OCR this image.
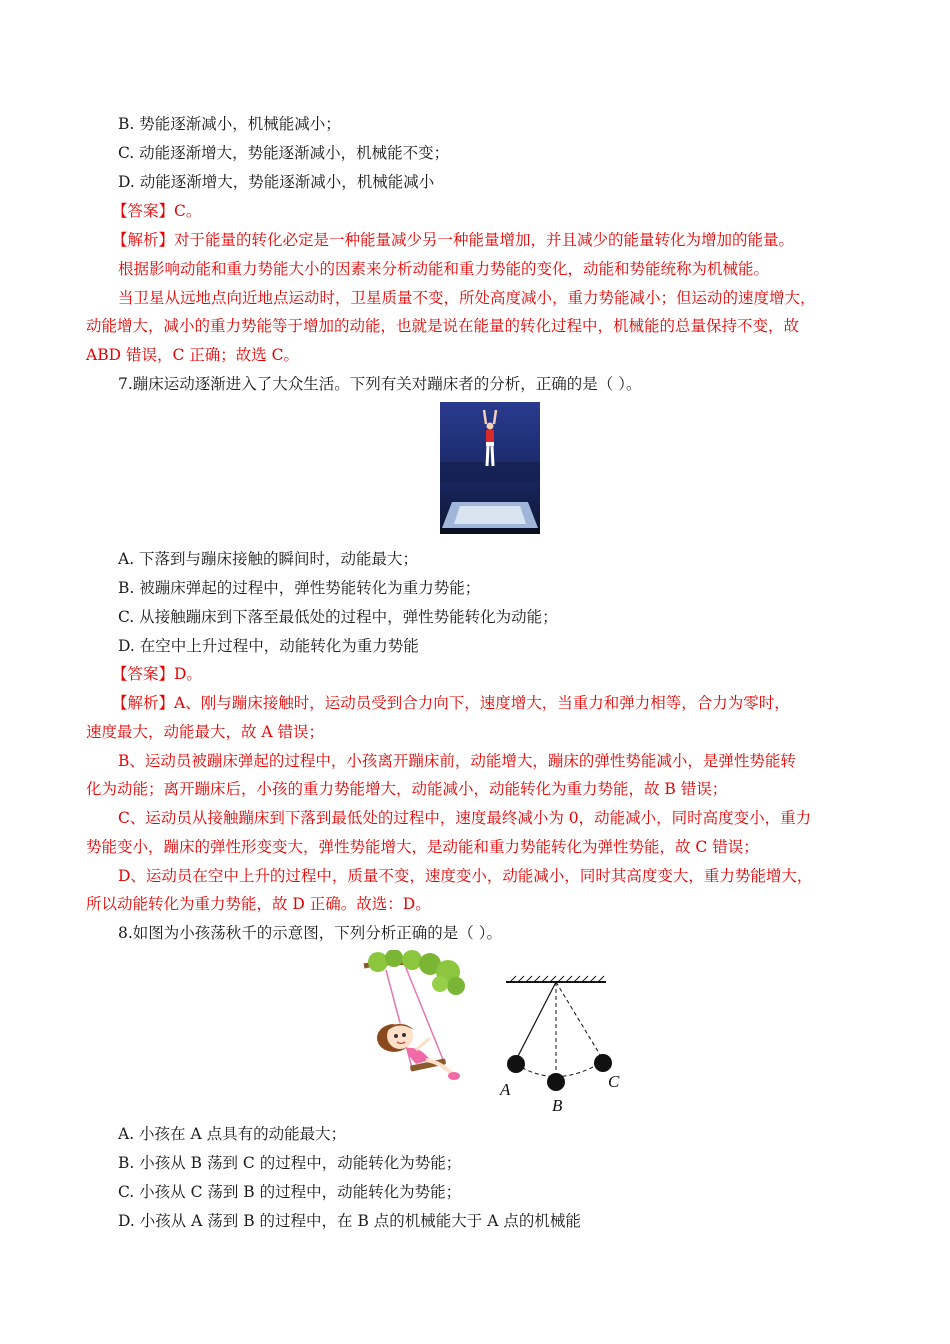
B. 势能逐渐减小，机械能减小；
C. 动能逐渐增大，势能逐渐减小，机械能不变；
D. 动能逐渐增大，势能逐渐减小，机械能减小
【答案】C。
【解析】对于能量的转化必定是一种能量减少另一种能量增加，并且减少的能量转化为增加的能量。
根据影响动能和重力势能大小的因素来分析动能和重力势能的变化，动能和势能统称为机械能。
当卫星从远地点向近地点运动时，卫星质量不变，所处高度减小，重力势能减小；但运动的速度增大，
动能增大，减小的重力势能等于增加的动能，也就是说在能量的转化过程中，机械能的总量保持不变，故
ABD 错误，C 正确；故选 C。
7.蹦床运动逐渐进入了大众生活。下列有关对蹦床者的分析，正确的是（ ）。
A. 下落到与蹦床接触的瞬间时，动能最大；
B. 被蹦床弹起的过程中，弹性势能转化为重力势能；
C. 从接触蹦床到下落至最低处的过程中，弹性势能转化为动能；
D. 在空中上升过程中，动能转化为重力势能
【答案】D。
【解析】A、刚与蹦床接触时，运动员受到合力向下，速度增大，当重力和弹力相等，合力为零时，
速度最大，动能最大，故 A 错误；
B、运动员被蹦床弹起的过程中，小孩离开蹦床前，动能增大，蹦床的弹性势能减小，是弹性势能转
化为动能；离开蹦床后，小孩的重力势能增大，动能减小，动能转化为重力势能，故 B 错误；
C、运动员从接触蹦床到下落到最低处的过程中，速度最终减小为 0，动能减小，同时高度变小，重力
势能变小，蹦床的弹性形变变大，弹性势能增大，是动能和重力势能转化为弹性势能，故 C 错误；
D、运动员在空中上升的过程中，质量不变，速度变小，动能减小，同时其高度变大，重力势能增大，
所以动能转化为重力势能，故 D 正确。故选：D。
8.如图为小孩荡秋千的示意图，下列分析正确的是（ ）。
A
B
C
A. 小孩在 A 点具有的动能最大；
B. 小孩从 B 荡到 C 的过程中，动能转化为势能；
C. 小孩从 C 荡到 B 的过程中，动能转化为势能；
D. 小孩从 A 荡到 B 的过程中，在 B 点的机械能大于 A 点的机械能
